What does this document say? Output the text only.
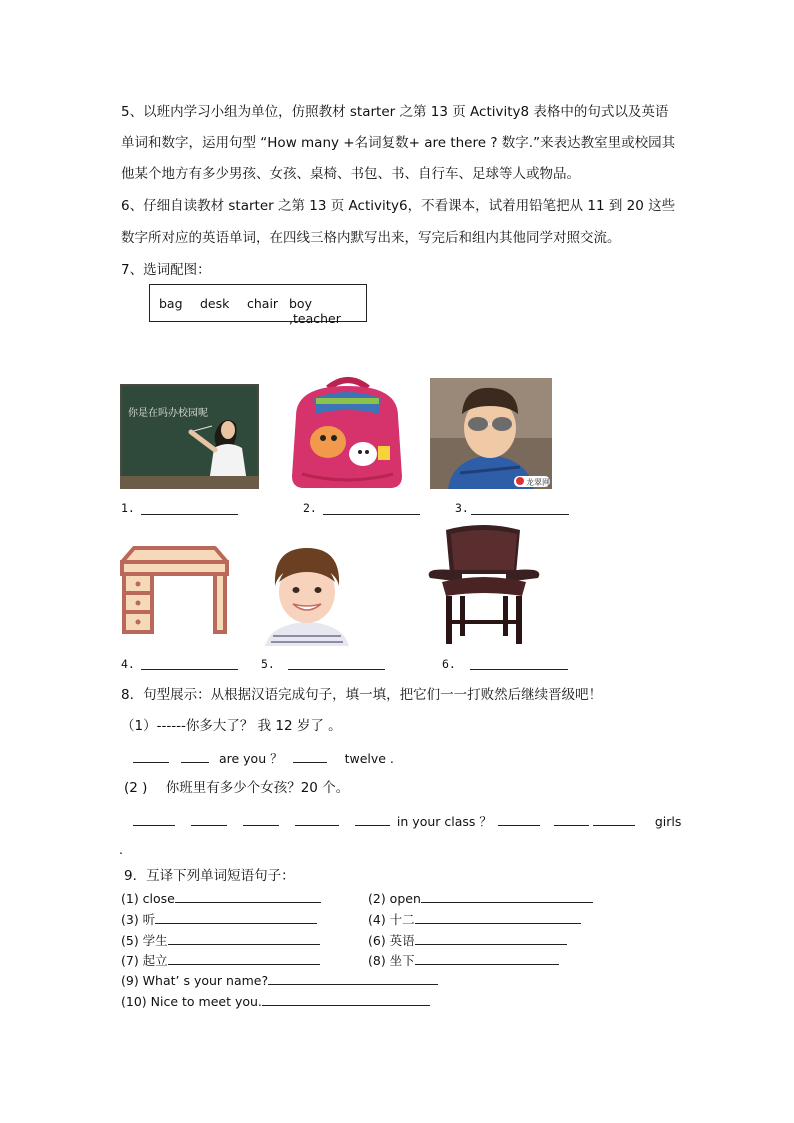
5、以班内学习小组为单位，仿照教材 starter 之第 13 页 Activity8 表格中的句式以及英语
单词和数字，运用句型 “How many +名词复数+ are there ? 数字.”来表达教室里或校园其
他某个地方有多少男孩、女孩、桌椅、书包、书、自行车、足球等人或物品。
6、仔细自读教材 starter 之第 13 页 Activity6，不看课本，试着用铅笔把从 11 到 20 这些
数字所对应的英语单词，在四线三格内默写出来，写完后和组内其他同学对照交流。
7、选词配图：
bag desk chair boy ,teacher
你是在吗办校园呢
龙翠网
1.	2.	3.
4.	5.	6.
8．句型展示：从根据汉语完成句子，填一填，把它们一一打败然后继续晋级吧！
（1）------你多大了？ 我 12 岁了 。
are you ？	twelve .
(2 ) 你班里有多少个女孩？20 个。
in your class ？	girls
.
9．互译下列单词短语句子：
(1) close	(2) open
(3) 听	(4) 十二
(5) 学生	(6) 英语
(7) 起立	(8) 坐下
(9) What’ s your name?
(10) Nice to meet you.
